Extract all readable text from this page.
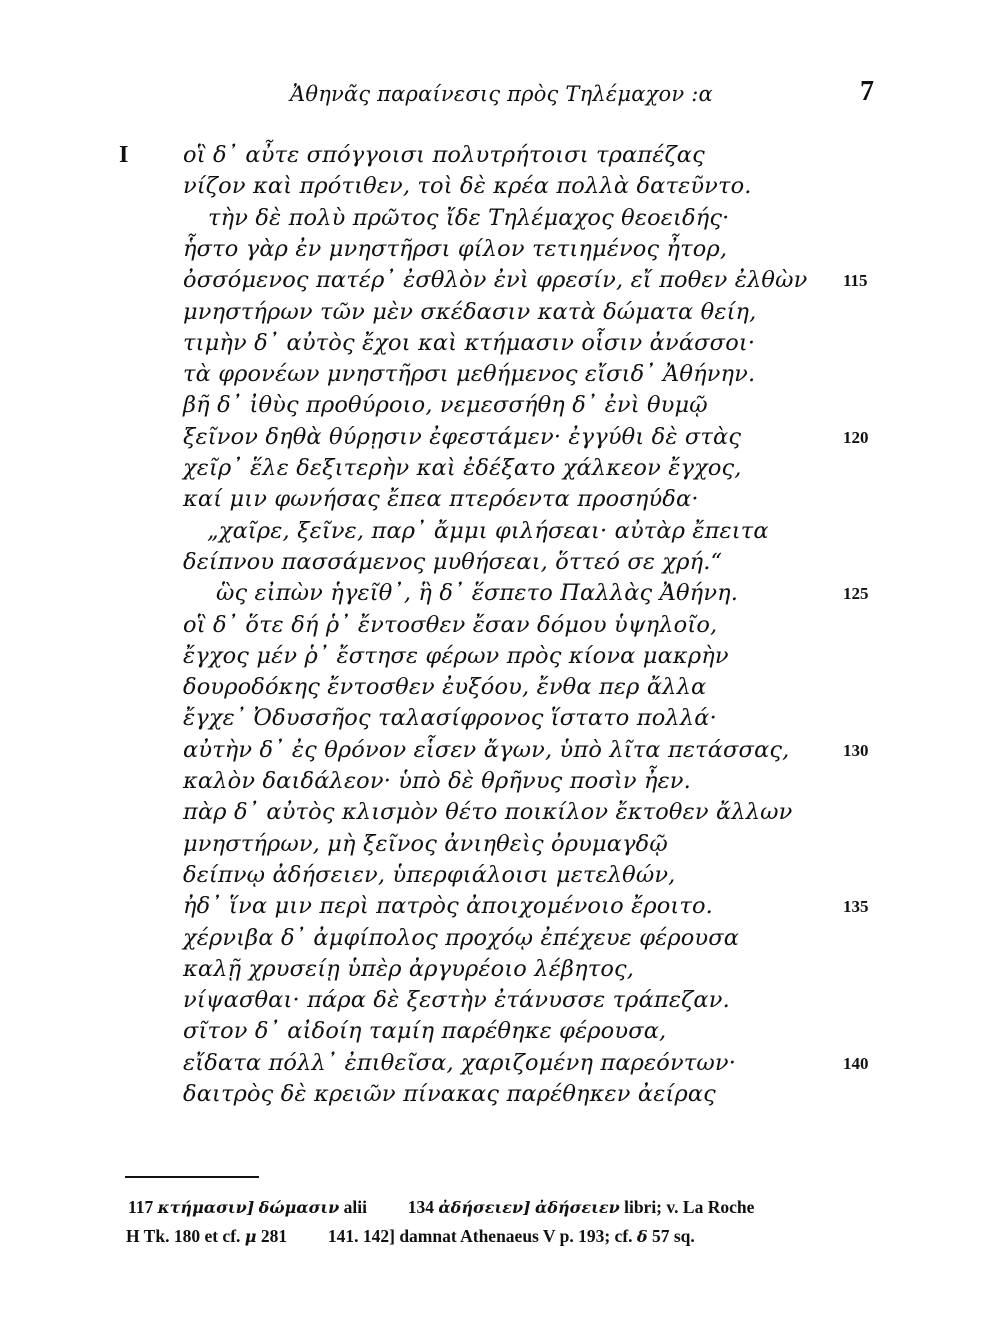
Ἀθηνᾶς παραίνεσις πρὸς Τηλέμαχον :α	7
I οἳ δ᾽ αὖτε σπόγγοισι πολυτρήτοισι τραπέζας
νίζον καὶ πρότιθεν, τοὶ δὲ κρέα πολλὰ δατεῦντο.
τὴν δὲ πολὺ πρῶτος ἴδε Τηλέμαχος θεοειδής·
ἧστο γὰρ ἐν μνηστῆρσι φίλον τετιημένος ἦτορ,
ὀσσόμενος πατέρ᾽ ἐσθλὸν ἐνὶ φρεσίν, εἴ ποθεν ἐλθὼν
μνηστήρων τῶν μὲν σκέδασιν κατὰ δώματα θείη,
τιμὴν δ᾽ αὐτὸς ἔχοι καὶ κτήμασιν οἷσιν ἀνάσσοι·
τὰ φρονέων μνηστῆρσι μεθήμενος εἴσιδ᾽ Ἀθήνην.
βῆ δ᾽ ἰθὺς προθύροιο, νεμεσσήθη δ᾽ ἐνὶ θυμῷ
ξεῖνον δηθὰ θύρῃσιν ἐφεστάμεν· ἐγγύθι δὲ στὰς
χεῖρ᾽ ἕλε δεξιτερὴν καὶ ἐδέξατο χάλκεον ἔγχος,
καί μιν φωνήσας ἔπεα πτερόεντα προσηύδα·
„χαῖρε, ξεῖνε, παρ᾽ ἄμμι φιλήσεαι· αὐτὰρ ἔπειτα
δείπνου πασσάμενος μυθήσεαι, ὅττεό σε χρή.“
ὣς εἰπὼν ἡγεῖθ᾽, ἣ δ᾽ ἕσπετο Παλλὰς Ἀθήνη.
οἳ δ᾽ ὅτε δή ῥ᾽ ἔντοσθεν ἔσαν δόμου ὑψηλοῖο,
ἔγχος μέν ῥ᾽ ἔστησε φέρων πρὸς κίονα μακρὴν
δουροδόκης ἔντοσθεν ἐυξόου, ἔνθα περ ἄλλα
ἔγχε᾽ Ὀδυσσῆος ταλασίφρονος ἵστατο πολλά·
αὐτὴν δ᾽ ἐς θρόνον εἷσεν ἄγων, ὑπὸ λῖτα πετάσσας,
καλὸν δαιδάλεον· ὑπὸ δὲ θρῆνυς ποσὶν ἦεν.
πὰρ δ᾽ αὐτὸς κλισμὸν θέτο ποικίλον ἔκτοθεν ἄλλων
μνηστήρων, μὴ ξεῖνος ἀνιηθεὶς ὀρυμαγδῷ
δείπνῳ ἀδήσειεν, ὑπερφιάλοισι μετελθών,
ἠδ᾽ ἵνα μιν περὶ πατρὸς ἀποιχομένοιο ἔροιτο.
χέρνιβα δ᾽ ἀμφίπολος προχόῳ ἐπέχευε φέρουσα
καλῇ χρυσείῃ ὑπὲρ ἀργυρέοιο λέβητος,
νίψασθαι· πάρα δὲ ξεστὴν ἐτάνυσσε τράπεζαν.
σῖτον δ᾽ αἰδοίη ταμίη παρέθηκε φέρουσα,
εἴδατα πόλλ᾽ ἐπιθεῖσα, χαριζομένη παρεόντων·
δαιτρὸς δὲ κρειῶν πίνακας παρέθηκεν ἀείρας
115
120
125
130
135
140
117 κτήμασιν] δώμασιν alii 134 ἀδήσειεν] ἀδήσειεν libri; v. La Roche
H Tk. 180 et cf. μ 281 141. 142] damnat Athenaeus V p. 193; cf. δ 57 sq.
